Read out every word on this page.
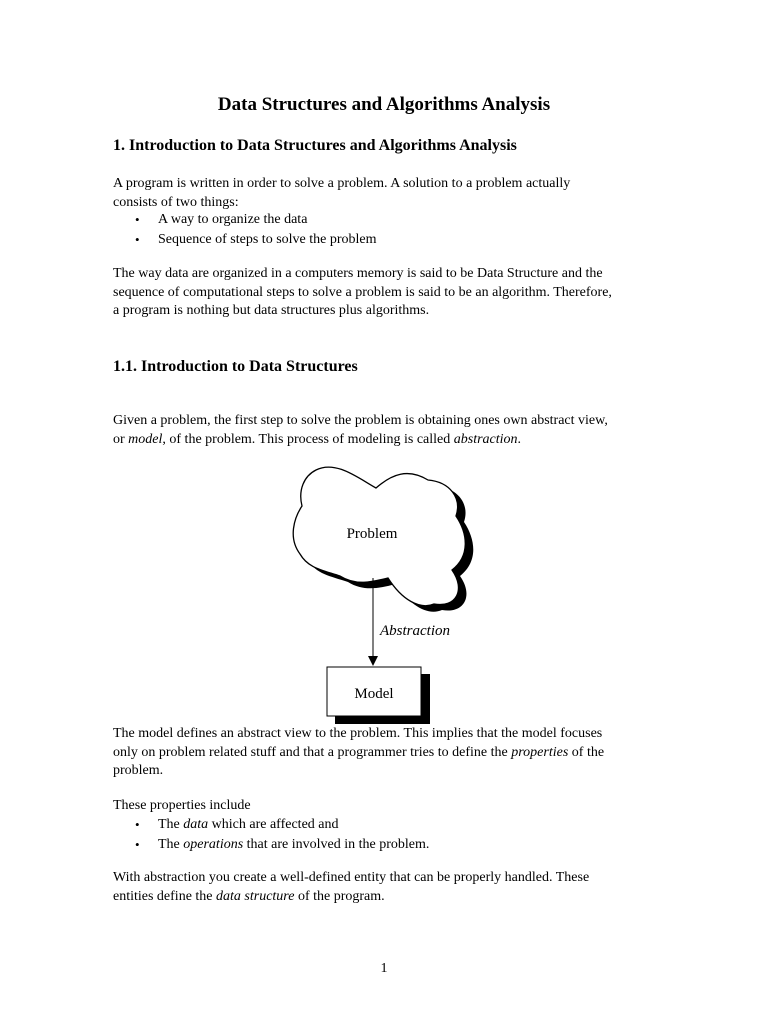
Data Structures and Algorithms Analysis
1. Introduction to Data Structures and Algorithms Analysis

A program is written in order to solve a problem. A solution to a problem actually
consists of two things:

• A way to organize the data
• Sequence of steps to solve the problem

The way data are organized in a computers memory is said to be Data Structure and the
sequence of computational steps to solve a problem is said to be an algorithm. Therefore,
a program is nothing but data structures plus algorithms.

1.1. Introduction to Data Structures

Given a problem, the first step to solve the problem is obtaining ones own abstract view,
or model, of the problem. This process of modeling is called abstraction.

Problem
Abstraction
Model

The model defines an abstract view to the problem. This implies that the model focuses
only on problem related stuff and that a programmer tries to define the properties of the
problem.

These properties include

• The data which are affected and
• The operations that are involved in the problem.

With abstraction you create a well-defined entity that can be properly handled. These
entities define the data structure of the program.

1
